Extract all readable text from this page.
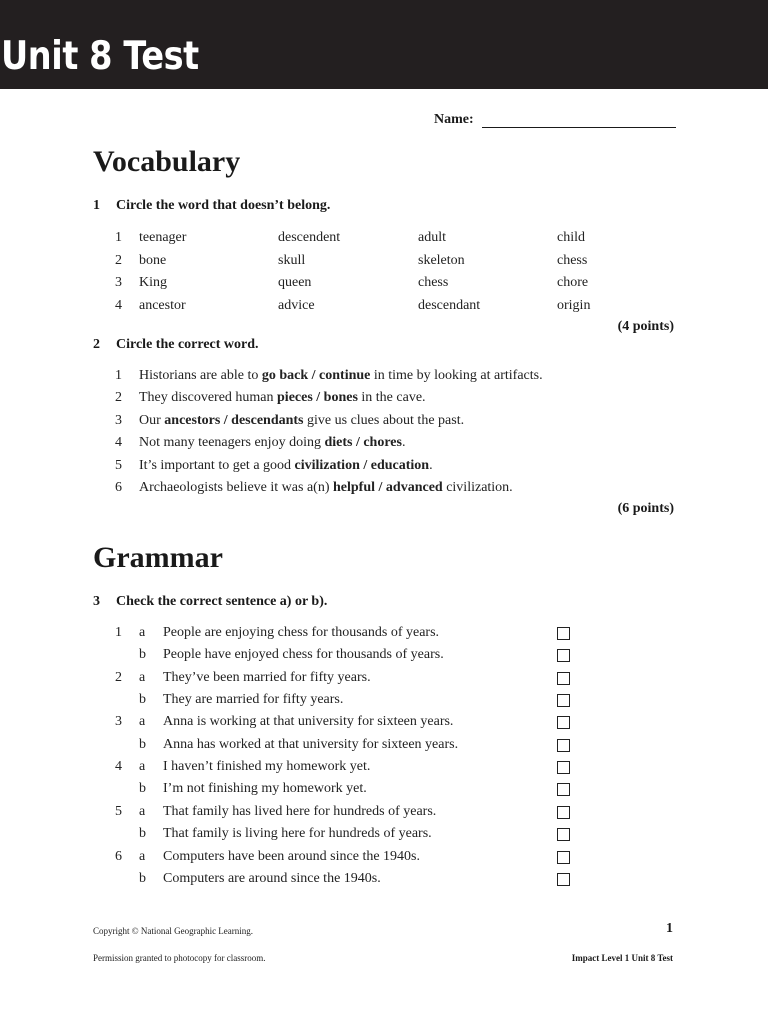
Unit 8 Test
Name:
Vocabulary
1 Circle the word that doesn’t belong.
1 teenager	descendent	adult	child
2 bone	skull	skeleton	chess
3 King	queen	chess	chore
4 ancestor	advice	descendant	origin
(4 points)
2 Circle the correct word.
1 Historians are able to go back / continue in time by looking at artifacts.
2 They discovered human pieces / bones in the cave.
3 Our ancestors / descendants give us clues about the past.
4 Not many teenagers enjoy doing diets / chores.
5 It’s important to get a good civilization / education.
6 Archaeologists believe it was a(n) helpful / advanced civilization.
(6 points)
Grammar
3 Check the correct sentence a) or b).
1 a People are enjoying chess for thousands of years.
b People have enjoyed chess for thousands of years.
2 a They’ve been married for fifty years.
b They are married for fifty years.
3 a Anna is working at that university for sixteen years.
b Anna has worked at that university for sixteen years.
4 a I haven’t finished my homework yet.
b I’m not finishing my homework yet.
5 a That family has lived here for hundreds of years.
b That family is living here for hundreds of years.
6 a Computers have been around since the 1940s.
b Computers are around since the 1940s.
Copyright © National Geographic Learning.	1
Permission granted to photocopy for classroom.	Impact Level 1 Unit 8 Test
